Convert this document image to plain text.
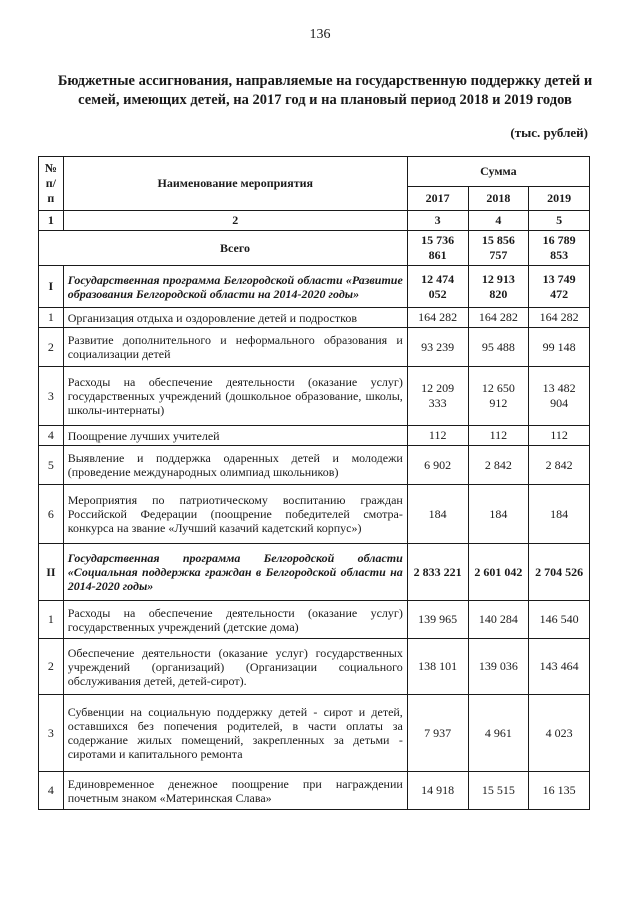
136
Бюджетные ассигнования, направляемые на государственную поддержку детей и семей, имеющих детей, на 2017 год и на плановый период 2018 и 2019 годов
(тыс. рублей)
№ п/п	Наименование мероприятия	Сумма		
		2017	2018	2019
1	2	3	4	5
	Всего	15 736 861	15 856 757	16 789 853
I	Государственная программа Белгородской области «Развитие образования Белгородской области на 2014-2020 годы»	12 474 052	12 913 820	13 749 472
1	Организация отдыха и оздоровление детей и подростков	164 282	164 282	164 282
2	Развитие дополнительного и неформального образования и социализации детей	93 239	95 488	99 148
3	Расходы на обеспечение деятельности (оказание услуг) государственных учреждений (дошкольное образование, школы, школы-интернаты)	12 209 333	12 650 912	13 482 904
4	Поощрение лучших учителей	112	112	112
5	Выявление и поддержка одаренных детей и молодежи (проведение международных олимпиад школьников)	6 902	2 842	2 842
6	Мероприятия по патриотическому воспитанию граждан Российской Федерации (поощрение победителей смотра-конкурса на звание «Лучший казачий кадетский корпус»)	184	184	184
II	Государственная программа Белгородской области «Социальная поддержка граждан в Белгородской области на 2014-2020 годы»	2 833 221	2 601 042	2 704 526
1	Расходы на обеспечение деятельности (оказание услуг) государственных учреждений (детские дома)	139 965	140 284	146 540
2	Обеспечение деятельности (оказание услуг) государственных учреждений (организаций) (Организации социального обслуживания детей, детей-сирот).	138 101	139 036	143 464
3	Субвенции на социальную поддержку детей - сирот и детей, оставшихся без попечения родителей, в части оплаты за содержание жилых помещений, закрепленных за детьми - сиротами и капитального ремонта	7 937	4 961	4 023
4	Единовременное денежное поощрение при награждении почетным знаком «Материнская Слава»	14 918	15 515	16 135
